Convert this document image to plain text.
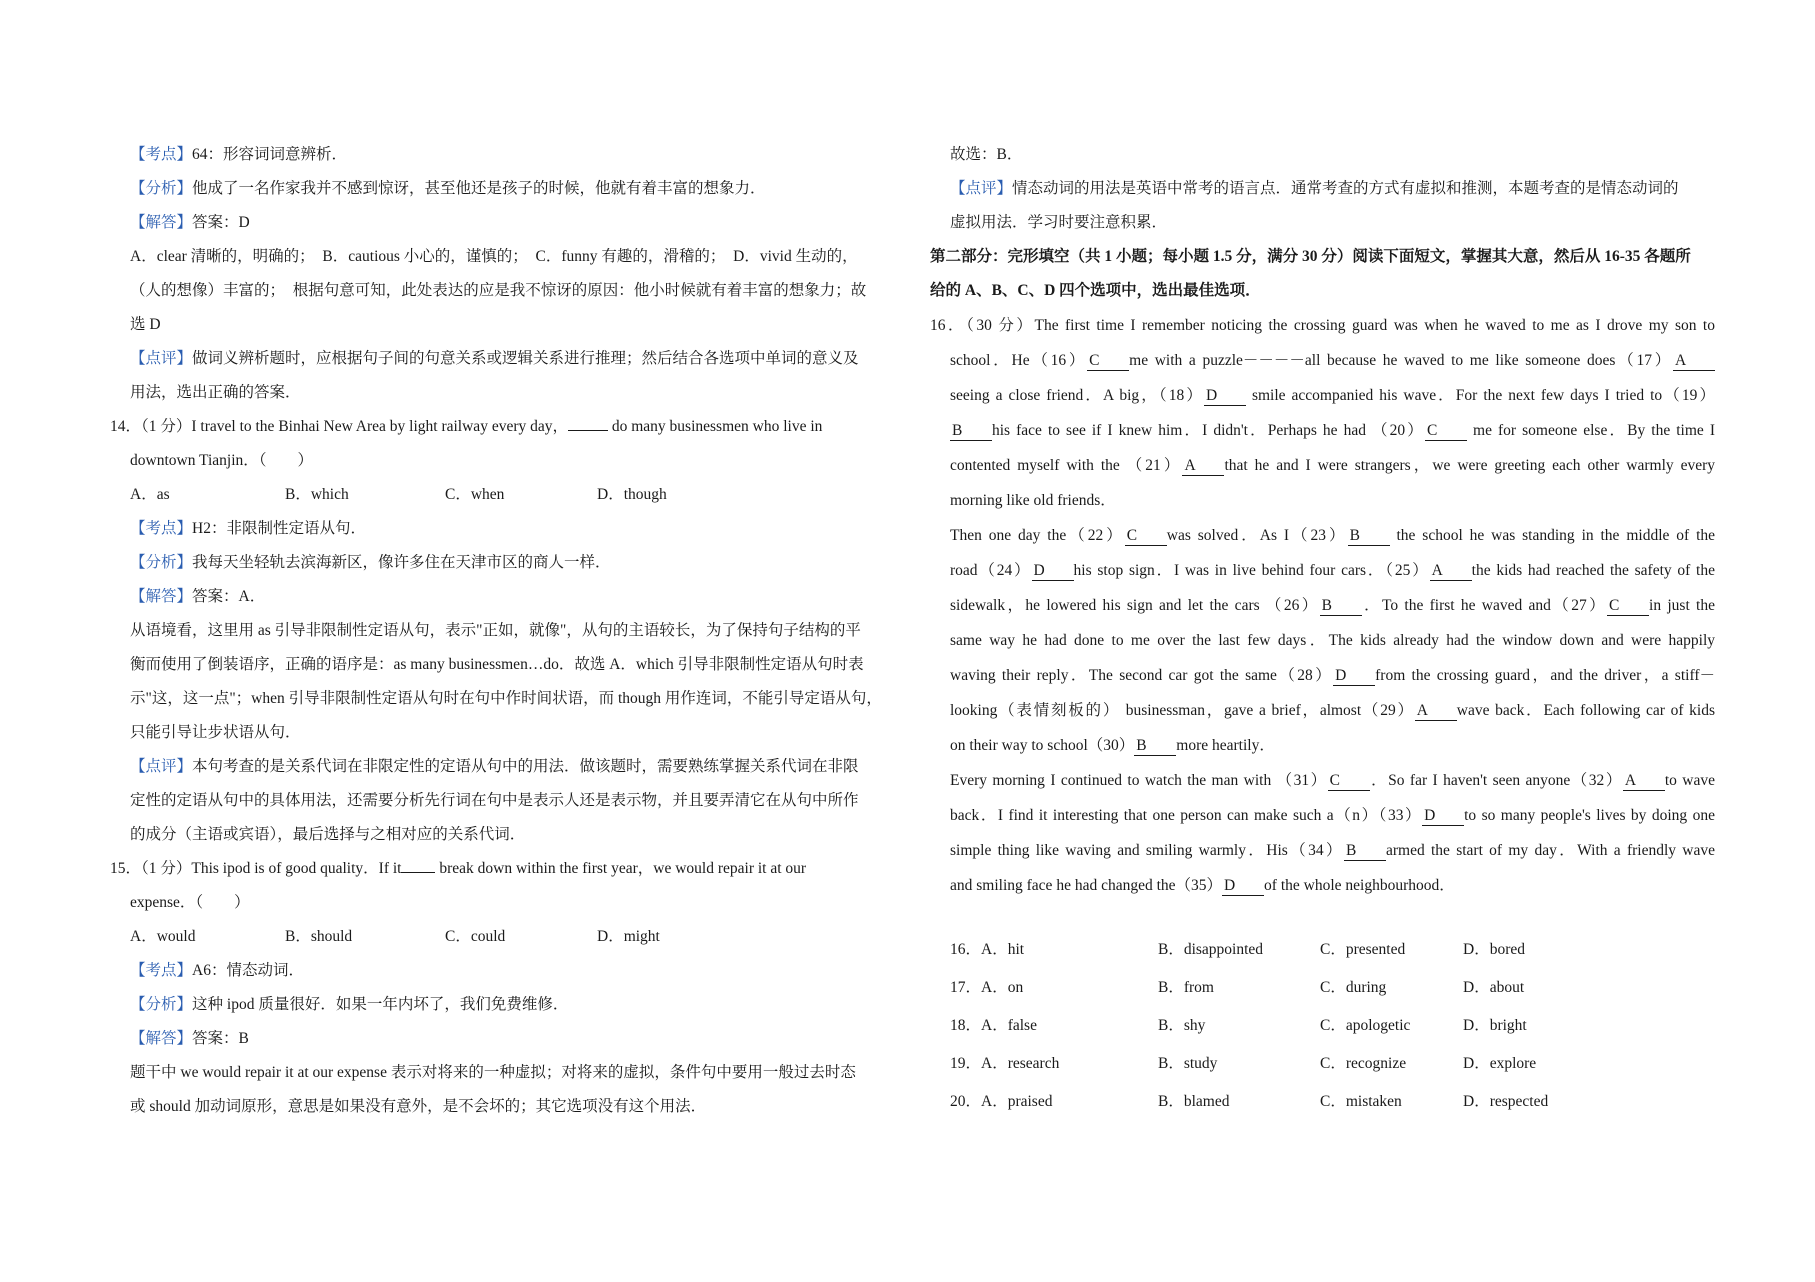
【考点】64：形容词词意辨析．
【分析】他成了一名作家我并不感到惊讶，甚至他还是孩子的时候，他就有着丰富的想象力．
【解答】答案：D
A．clear 清晰的，明确的；　B．cautious 小心的，谨慎的；　C．funny 有趣的，滑稽的；　D．vivid 生动的，
（人的想像）丰富的；　根据句意可知，此处表达的应是我不惊讶的原因：他小时候就有着丰富的想象力；故
选 D
【点评】做词义辨析题时，应根据句子间的句意关系或逻辑关系进行推理；然后结合各选项中单词的意义及
用法，选出正确的答案．
14．（1 分）I travel to the Binhai New Area by light railway every day，	do many businessmen who live in
downtown Tianjin．（　　）
A．as	B．which	C．when	D．though
【考点】H2：非限制性定语从句．
【分析】我每天坐轻轨去滨海新区，像许多住在天津市区的商人一样．
【解答】答案：A．
从语境看，这里用 as 引导非限制性定语从句，表示"正如，就像"，从句的主语较长，为了保持句子结构的平
衡而使用了倒装语序，正确的语序是：as many businessmen…do．故选 A．which 引导非限制性定语从句时表
示"这，这一点"；when 引导非限制性定语从句时在句中作时间状语，而 though 用作连词，不能引导定语从句，
只能引导让步状语从句．
【点评】本句考查的是关系代词在非限定性的定语从句中的用法．做该题时，需要熟练掌握关系代词在非限
定性的定语从句中的具体用法，还需要分析先行词在句中是表示人还是表示物，并且要弄清它在从句中所作
的成分（主语或宾语），最后选择与之相对应的关系代词．
15．（1 分）This ipod is of good quality．If it break down within the first year，we would repair it at our
expense．（　　）
A．would	B．should	C．could	D．might
【考点】A6：情态动词．
【分析】这种 ipod 质量很好．如果一年内坏了，我们免费维修．
【解答】答案：B
题干中 we would repair it at our expense 表示对将来的一种虚拟；对将来的虚拟，条件句中要用一般过去时态
或 should 加动词原形，意思是如果没有意外，是不会坏的；其它选项没有这个用法．
故选：B．
【点评】情态动词的用法是英语中常考的语言点．通常考查的方式有虚拟和推测，本题考查的是情态动词的
虚拟用法．学习时要注意积累．
第二部分：完形填空（共 1 小题；每小题 1.5 分，满分 30 分）阅读下面短文，掌握其大意，然后从 16-35 各题所
给的 A、B、C、D 四个选项中，选出最佳选项．
16．（30 分）The first time I remember noticing the crossing guard was when he waved to me as I drove my son to
school．He（16） C me with a puzzle－－－－all because he waved to me like someone does（17） A
seeing a close friend．A big，（18） D smile accompanied his wave．For the next few days I tried to（19）
B his face to see if I knew him．I didn't．Perhaps he had （20） C me for someone else．By the time I
contented myself with the （21） A that he and I were strangers，we were greeting each other warmly every
morning like old friends．
Then one day the（22） C was solved．As I（23） B the school he was standing in the middle of the
road（24） D his stop sign．I was in live behind four cars．（25） A the kids had reached the safety of the
sidewalk，he lowered his sign and let the cars （26） B ．To the first he waved and（27） C in just the
same way he had done to me over the last few days．The kids already had the window down and were happily
waving their reply．The second car got the same（28） D from the crossing guard，and the driver，a stiff－
looking（表情刻板的） businessman，gave a brief，almost（29） A wave back．Each following car of kids
on their way to school（30） B more heartily．
Every morning I continued to watch the man with （31） C ．So far I haven't seen anyone（32） A to wave
back．I find it interesting that one person can make such a（n）（33） D to so many people's lives by doing one
simple thing like waving and smiling warmly．His（34） B armed the start of my day．With a friendly wave
and smiling face he had changed the（35） D of the whole neighbourhood．
16．A．hit	B．disappointed	C．presented	D．bored
17．A．on	B．from	C．during	D．about
18．A．false	B．shy	C．apologetic	D．bright
19．A．research	B．study	C．recognize	D．explore
20．A．praised	B．blamed	C．mistaken	D．respected
